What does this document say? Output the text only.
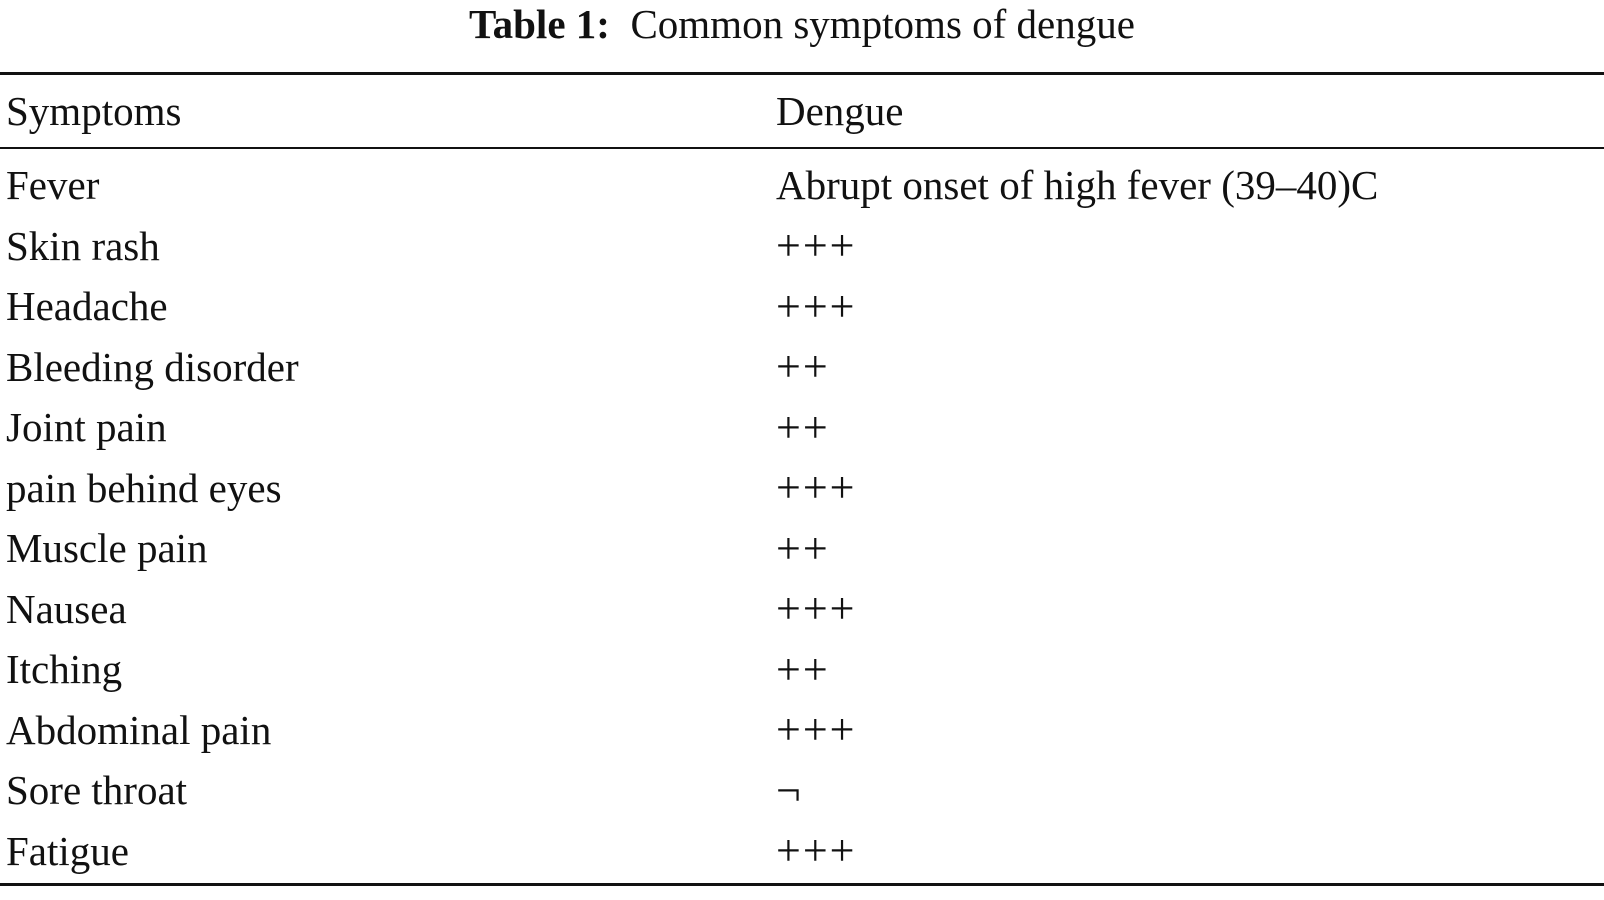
Table 1: Common symptoms of dengue
Symptoms	Dengue
Fever	Abrupt onset of high fever (39–40)C
Skin rash	+++
Headache	+++
Bleeding disorder	++
Joint pain	++
pain behind eyes	+++
Muscle pain	++
Nausea	+++
Itching	++
Abdominal pain	+++
Sore throat	¬
Fatigue	+++
